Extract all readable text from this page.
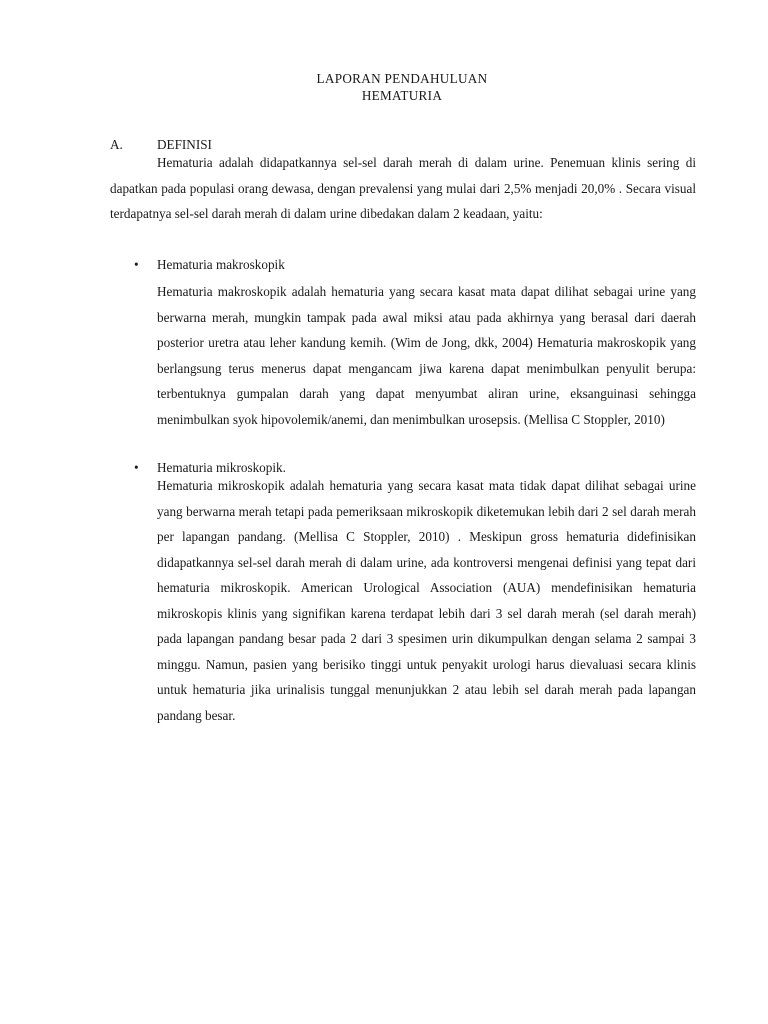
LAPORAN PENDAHULUAN
HEMATURIA
A.	DEFINISI

Hematuria adalah didapatkannya sel-sel darah merah di dalam urine. Penemuan klinis sering di dapatkan pada populasi orang dewasa, dengan prevalensi yang mulai dari 2,5% menjadi 20,0% . Secara visual terdapatnya sel-sel darah merah di dalam urine dibedakan dalam 2 keadaan, yaitu:

• Hematuria makroskopik

Hematuria makroskopik adalah hematuria yang secara kasat mata dapat dilihat sebagai urine yang berwarna merah, mungkin tampak pada awal miksi atau pada akhirnya yang berasal dari daerah posterior uretra atau leher kandung kemih. (Wim de Jong, dkk, 2004) Hematuria makroskopik yang berlangsung terus menerus dapat mengancam jiwa karena dapat menimbulkan penyulit berupa: terbentuknya gumpalan darah yang dapat menyumbat aliran urine, eksanguinasi sehingga menimbulkan syok hipovolemik/anemi, dan menimbulkan urosepsis. (Mellisa C Stoppler, 2010)

• Hematuria mikroskopik.

Hematuria mikroskopik adalah hematuria yang secara kasat mata tidak dapat dilihat sebagai urine yang berwarna merah tetapi pada pemeriksaan mikroskopik diketemukan lebih dari 2 sel darah merah per lapangan pandang. (Mellisa C Stoppler, 2010) . Meskipun gross hematuria didefinisikan didapatkannya sel-sel darah merah di dalam urine, ada kontroversi mengenai definisi yang tepat dari hematuria mikroskopik. American Urological Association (AUA) mendefinisikan hematuria mikroskopis klinis yang signifikan karena terdapat lebih dari 3 sel darah merah (sel darah merah) pada lapangan pandang besar pada 2 dari 3 spesimen urin dikumpulkan dengan selama 2 sampai 3 minggu. Namun, pasien yang berisiko tinggi untuk penyakit urologi harus dievaluasi secara klinis untuk hematuria jika urinalisis tunggal menunjukkan 2 atau lebih sel darah merah pada lapangan pandang besar.
